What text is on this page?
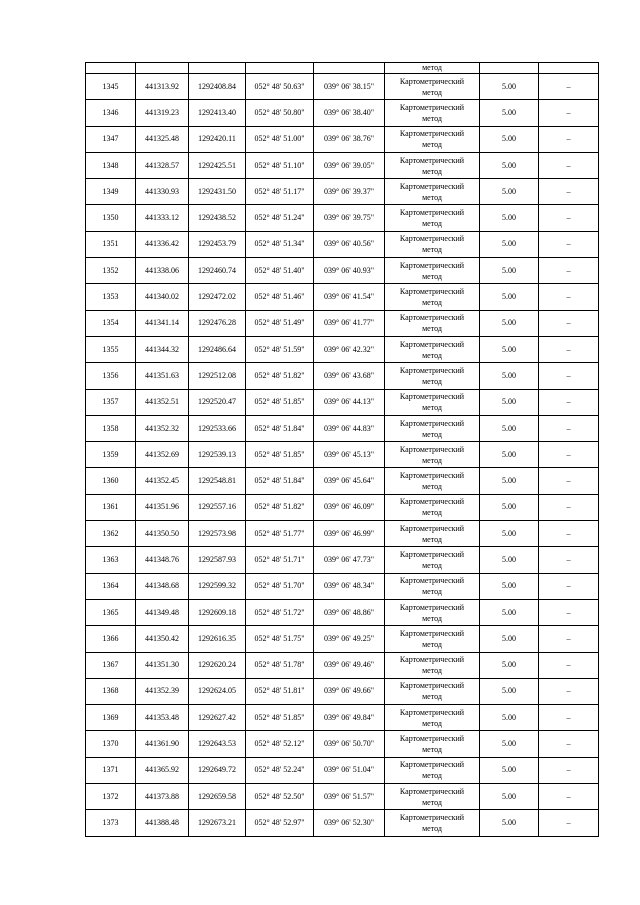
					метод		
1345	441313.92	1292408.84	052° 48' 50.63"	039° 06' 38.15"	Картометрический
метод	5.00	–
1346	441319.23	1292413.40	052° 48' 50.80"	039° 06' 38.40"	Картометрический
метод	5.00	–
1347	441325.48	1292420.11	052° 48' 51.00"	039° 06' 38.76"	Картометрический
метод	5.00	–
1348	441328.57	1292425.51	052° 48' 51.10"	039° 06' 39.05"	Картометрический
метод	5.00	–
1349	441330.93	1292431.50	052° 48' 51.17"	039° 06' 39.37"	Картометрический
метод	5.00	–
1350	441333.12	1292438.52	052° 48' 51.24"	039° 06' 39.75"	Картометрический
метод	5.00	–
1351	441336.42	1292453.79	052° 48' 51.34"	039° 06' 40.56"	Картометрический
метод	5.00	–
1352	441338.06	1292460.74	052° 48' 51.40"	039° 06' 40.93"	Картометрический
метод	5.00	–
1353	441340.02	1292472.02	052° 48' 51.46"	039° 06' 41.54"	Картометрический
метод	5.00	–
1354	441341.14	1292476.28	052° 48' 51.49"	039° 06' 41.77"	Картометрический
метод	5.00	–
1355	441344.32	1292486.64	052° 48' 51.59"	039° 06' 42.32"	Картометрический
метод	5.00	–
1356	441351.63	1292512.08	052° 48' 51.82"	039° 06' 43.68"	Картометрический
метод	5.00	–
1357	441352.51	1292520.47	052° 48' 51.85"	039° 06' 44.13"	Картометрический
метод	5.00	–
1358	441352.32	1292533.66	052° 48' 51.84"	039° 06' 44.83"	Картометрический
метод	5.00	–
1359	441352.69	1292539.13	052° 48' 51.85"	039° 06' 45.13"	Картометрический
метод	5.00	–
1360	441352.45	1292548.81	052° 48' 51.84"	039° 06' 45.64"	Картометрический
метод	5.00	–
1361	441351.96	1292557.16	052° 48' 51.82"	039° 06' 46.09"	Картометрический
метод	5.00	–
1362	441350.50	1292573.98	052° 48' 51.77"	039° 06' 46.99"	Картометрический
метод	5.00	–
1363	441348.76	1292587.93	052° 48' 51.71"	039° 06' 47.73"	Картометрический
метод	5.00	–
1364	441348.68	1292599.32	052° 48' 51.70"	039° 06' 48.34"	Картометрический
метод	5.00	–
1365	441349.48	1292609.18	052° 48' 51.72"	039° 06' 48.86"	Картометрический
метод	5.00	–
1366	441350.42	1292616.35	052° 48' 51.75"	039° 06' 49.25"	Картометрический
метод	5.00	–
1367	441351.30	1292620.24	052° 48' 51.78"	039° 06' 49.46"	Картометрический
метод	5.00	–
1368	441352.39	1292624.05	052° 48' 51.81"	039° 06' 49.66"	Картометрический
метод	5.00	–
1369	441353.48	1292627.42	052° 48' 51.85"	039° 06' 49.84"	Картометрический
метод	5.00	–
1370	441361.90	1292643.53	052° 48' 52.12"	039° 06' 50.70"	Картометрический
метод	5.00	–
1371	441365.92	1292649.72	052° 48' 52.24"	039° 06' 51.04"	Картометрический
метод	5.00	–
1372	441373.88	1292659.58	052° 48' 52.50"	039° 06' 51.57"	Картометрический
метод	5.00	–
1373	441388.48	1292673.21	052° 48' 52.97"	039° 06' 52.30"	Картометрический
метод	5.00	–
